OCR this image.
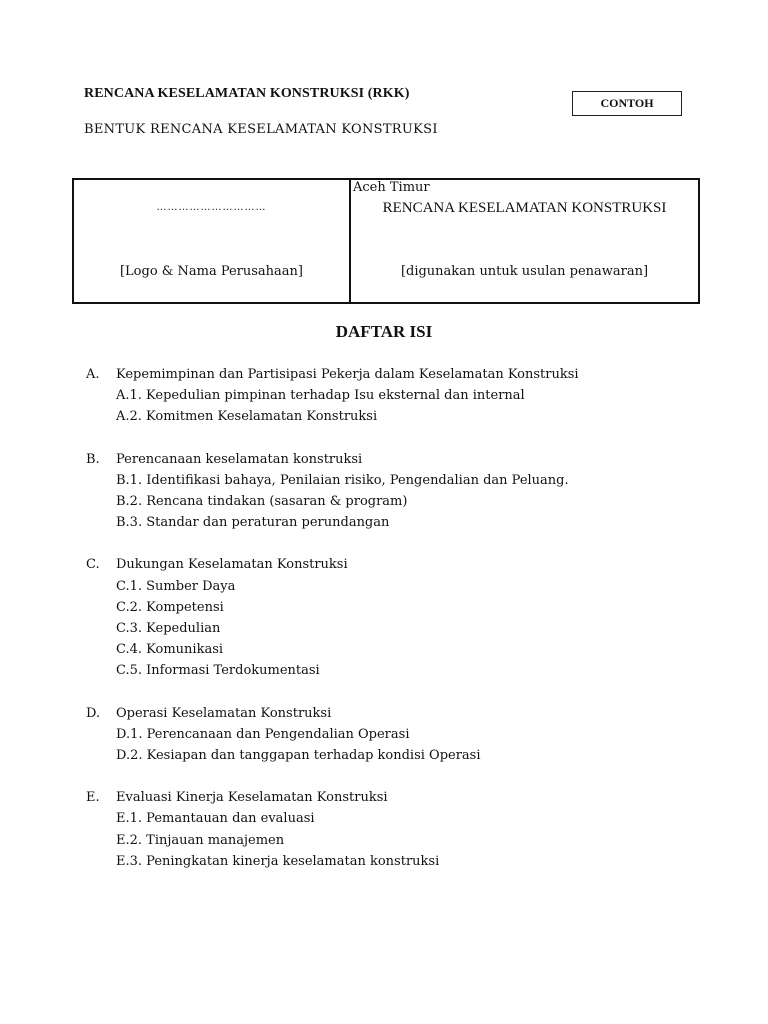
RENCANA KESELAMATAN KONSTRUKSI (RKK)
CONTOH
BENTUK RENCANA KESELAMATAN KONSTRUKSI
…………………………
[Logo & Nama Perusahaan]
Aceh Timur
RENCANA KESELAMATAN KONSTRUKSI
[digunakan untuk usulan penawaran]
DAFTAR ISI
A.	Kepemimpinan dan Partisipasi Pekerja dalam Keselamatan Konstruksi
A.1. Kepedulian pimpinan terhadap Isu eksternal dan internal
A.2. Komitmen Keselamatan Konstruksi
B.	Perencanaan keselamatan konstruksi
B.1. Identifikasi bahaya, Penilaian risiko, Pengendalian dan Peluang.
B.2. Rencana tindakan (sasaran & program)
B.3. Standar dan peraturan perundangan
C.	Dukungan Keselamatan Konstruksi
C.1. Sumber Daya
C.2. Kompetensi
C.3. Kepedulian
C.4. Komunikasi
C.5. Informasi Terdokumentasi
D.	Operasi Keselamatan Konstruksi
D.1. Perencanaan dan Pengendalian Operasi
D.2. Kesiapan dan tanggapan terhadap kondisi Operasi
E.	Evaluasi Kinerja Keselamatan Konstruksi
E.1. Pemantauan dan evaluasi
E.2. Tinjauan manajemen
E.3. Peningkatan kinerja keselamatan konstruksi
